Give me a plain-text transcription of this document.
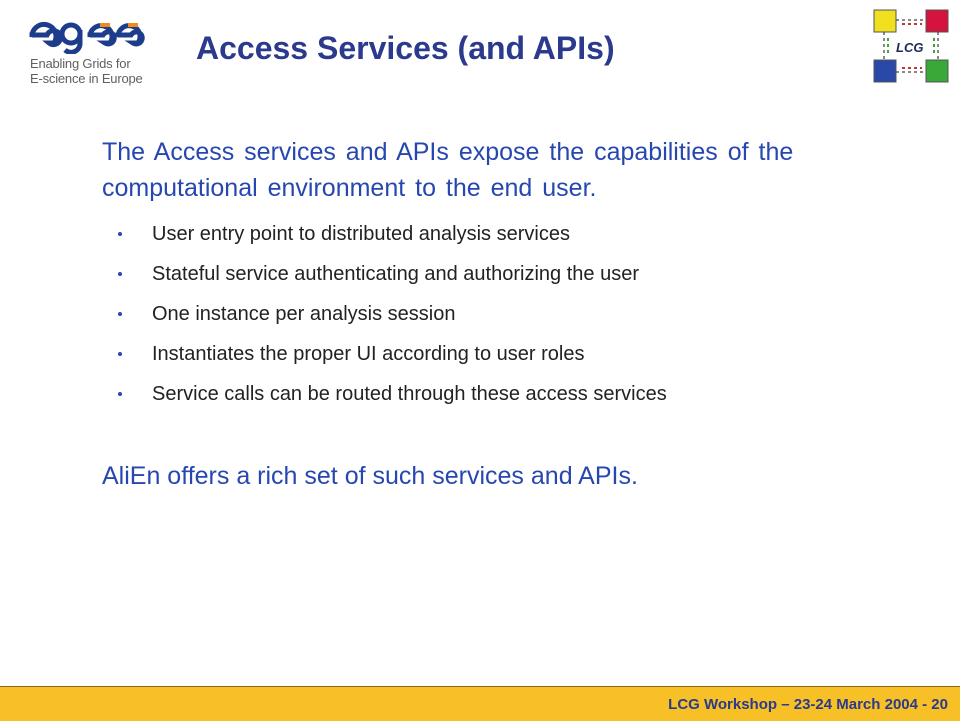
Enabling Grids for
E-science in Europe
Access Services (and APIs)	LCG
The Access services and APIs expose the capabilities of the computational environment to the end user.
User entry point to distributed analysis services
Stateful service authenticating and authorizing the user
One instance per analysis session
Instantiates the proper UI according to user roles
Service calls can be routed through these access services
AliEn offers a rich set of such services and APIs.
LCG Workshop – 23-24 March 2004 - 20
